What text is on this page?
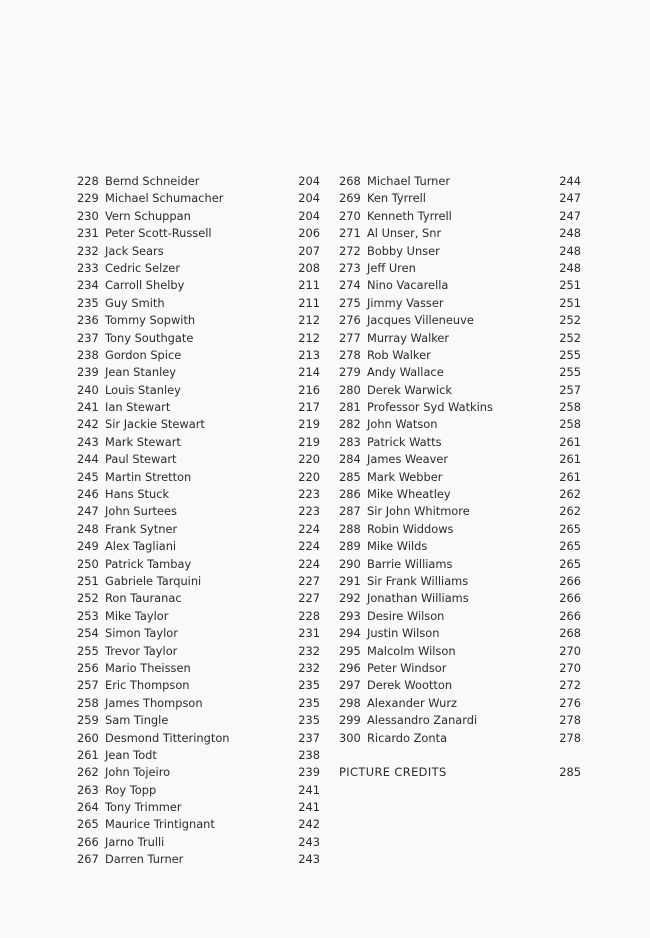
228 Bernd Schneider	204
229 Michael Schumacher	204
230 Vern Schuppan	204
231 Peter Scott-Russell	206
232 Jack Sears	207
233 Cedric Selzer	208
234 Carroll Shelby	211
235 Guy Smith	211
236 Tommy Sopwith	212
237 Tony Southgate	212
238 Gordon Spice	213
239 Jean Stanley	214
240 Louis Stanley	216
241 Ian Stewart	217
242 Sir Jackie Stewart	219
243 Mark Stewart	219
244 Paul Stewart	220
245 Martin Stretton	220
246 Hans Stuck	223
247 John Surtees	223
248 Frank Sytner	224
249 Alex Tagliani	224
250 Patrick Tambay	224
251 Gabriele Tarquini	227
252 Ron Tauranac	227
253 Mike Taylor	228
254 Simon Taylor	231
255 Trevor Taylor	232
256 Mario Theissen	232
257 Eric Thompson	235
258 James Thompson	235
259 Sam Tingle	235
260 Desmond Titterington	237
261 Jean Todt	238
262 John Tojeiro	239
263 Roy Topp	241
264 Tony Trimmer	241
265 Maurice Trintignant	242
266 Jarno Trulli	243
267 Darren Turner	243
268 Michael Turner	244
269 Ken Tyrrell	247
270 Kenneth Tyrrell	247
271 Al Unser, Snr	248
272 Bobby Unser	248
273 Jeff Uren	248
274 Nino Vacarella	251
275 Jimmy Vasser	251
276 Jacques Villeneuve	252
277 Murray Walker	252
278 Rob Walker	255
279 Andy Wallace	255
280 Derek Warwick	257
281 Professor Syd Watkins	258
282 John Watson	258
283 Patrick Watts	261
284 James Weaver	261
285 Mark Webber	261
286 Mike Wheatley	262
287 Sir John Whitmore	262
288 Robin Widdows	265
289 Mike Wilds	265
290 Barrie Williams	265
291 Sir Frank Williams	266
292 Jonathan Williams	266
293 Desire Wilson	266
294 Justin Wilson	268
295 Malcolm Wilson	270
296 Peter Windsor	270
297 Derek Wootton	272
298 Alexander Wurz	276
299 Alessandro Zanardi	278
300 Ricardo Zonta	278
PICTURE CREDITS	285
